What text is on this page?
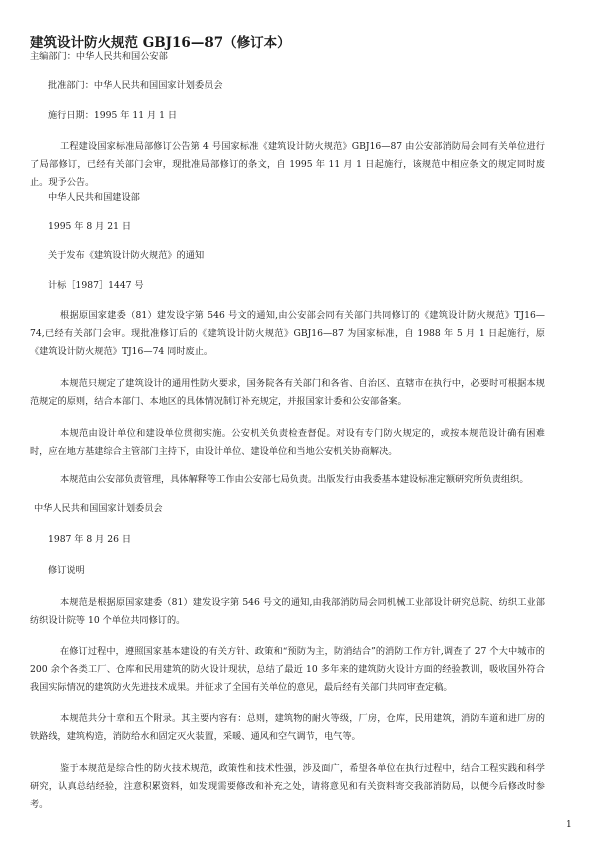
建筑设计防火规范 GBJ16—87（修订本）
主编部门：中华人民共和国公安部
批准部门：中华人民共和国国家计划委员会
施行日期：1995 年 11 月 1 日
工程建设国家标准局部修订公告第 4 号国家标准《建筑设计防火规范》GBJ16—87 由公安部消防局会同有关单位进行了局部修订，已经有关部门会审，现批准局部修订的条文，自 1995 年 11 月 1 日起施行，该规范中相应条文的规定同时废止。现予公告。
中华人民共和国建设部
1995 年 8 月 21 日
关于发布《建筑设计防火规范》的通知
计标［1987］1447 号
根据原国家建委（81）建发设字第 546 号文的通知,由公安部会同有关部门共同修订的《建筑设计防火规范》TJ16—74,已经有关部门会审。现批准修订后的《建筑设计防火规范》GBJ16—87 为国家标准，自 1988 年 5 月 1 日起施行，原《建筑设计防火规范》TJ16—74 同时废止。
本规范只规定了建筑设计的通用性防火要求，国务院各有关部门和各省、自治区、直辖市在执行中，必要时可根据本规范规定的原则，结合本部门、本地区的具体情况制订补充规定，并报国家计委和公安部备案。
本规范由设计单位和建设单位贯彻实施。公安机关负责检查督促。对设有专门防火规定的，或按本规范设计确有困难时，应在地方基建综合主管部门主持下，由设计单位、建设单位和当地公安机关协商解决。
本规范由公安部负责管理，具体解释等工作由公安部七局负责。出版发行由我委基本建设标准定额研究所负责组织。
中华人民共和国国家计划委员会
1987 年 8 月 26 日
修订说明
本规范是根据原国家建委（81）建发设字第 546 号文的通知,由我部消防局会同机械工业部设计研究总院、纺织工业部纺织设计院等 10 个单位共同修订的。
在修订过程中，遵照国家基本建设的有关方针、政策和“预防为主，防消结合”的消防工作方针,调查了 27 个大中城市的 200 余个各类工厂、仓库和民用建筑的防火设计现状，总结了最近 10 多年来的建筑防火设计方面的经验教训，吸收国外符合我国实际情况的建筑防火先进技术成果。并征求了全国有关单位的意见，最后经有关部门共同审查定稿。
本规范共分十章和五个附录。其主要内容有：总则，建筑物的耐火等级，厂房，仓库，民用建筑，消防车道和进厂房的铁路线，建筑构造，消防给水和固定灭火装置，采暖、通风和空气调节，电气等。
鉴于本规范是综合性的防火技术规范，政策性和技术性强，涉及面广，希望各单位在执行过程中，结合工程实践和科学研究，认真总结经验，注意积累资料，如发现需要修改和补充之处，请将意见和有关资料寄交我部消防局，以便今后修改时参考。
1
